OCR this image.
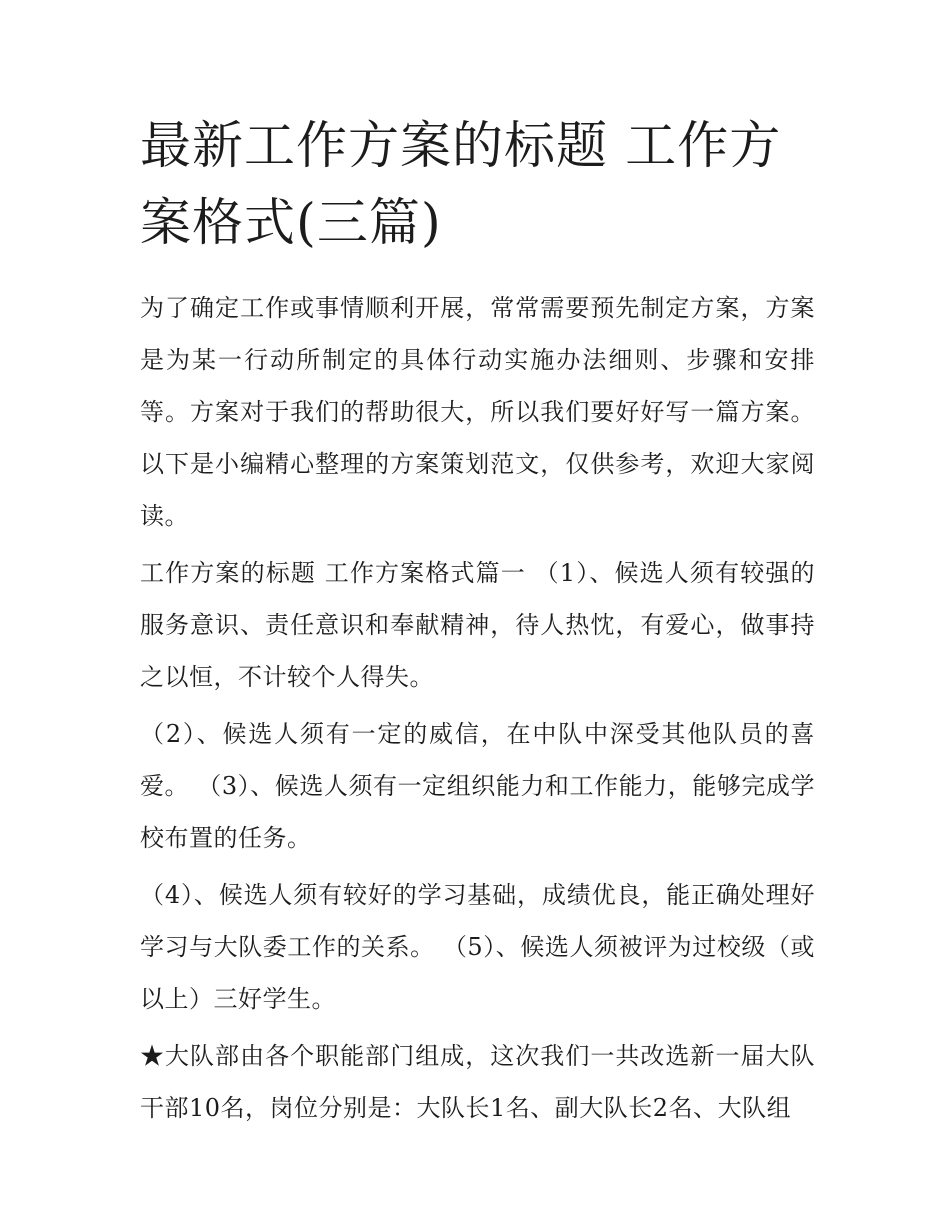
最新工作方案的标题 工作方案格式(三篇)

为了确定工作或事情顺利开展，常常需要预先制定方案，方案是为某一行动所制定的具体行动实施办法细则、步骤和安排等。方案对于我们的帮助很大，所以我们要好好写一篇方案。以下是小编精心整理的方案策划范文，仅供参考，欢迎大家阅读。

工作方案的标题 工作方案格式篇一 （1）、候选人须有较强的服务意识、责任意识和奉献精神，待人热忱，有爱心，做事持之以恒，不计较个人得失。

（2）、候选人须有一定的威信，在中队中深受其他队员的喜爱。 （3）、候选人须有一定组织能力和工作能力，能够完成学校布置的任务。

（4）、候选人须有较好的学习基础，成绩优良，能正确处理好学习与大队委工作的关系。 （5）、候选人须被评为过校级（或以上）三好学生。

★大队部由各个职能部门组成，这次我们一共改选新一届大队干部10名，岗位分别是：大队长1名、副大队长2名、大队组
